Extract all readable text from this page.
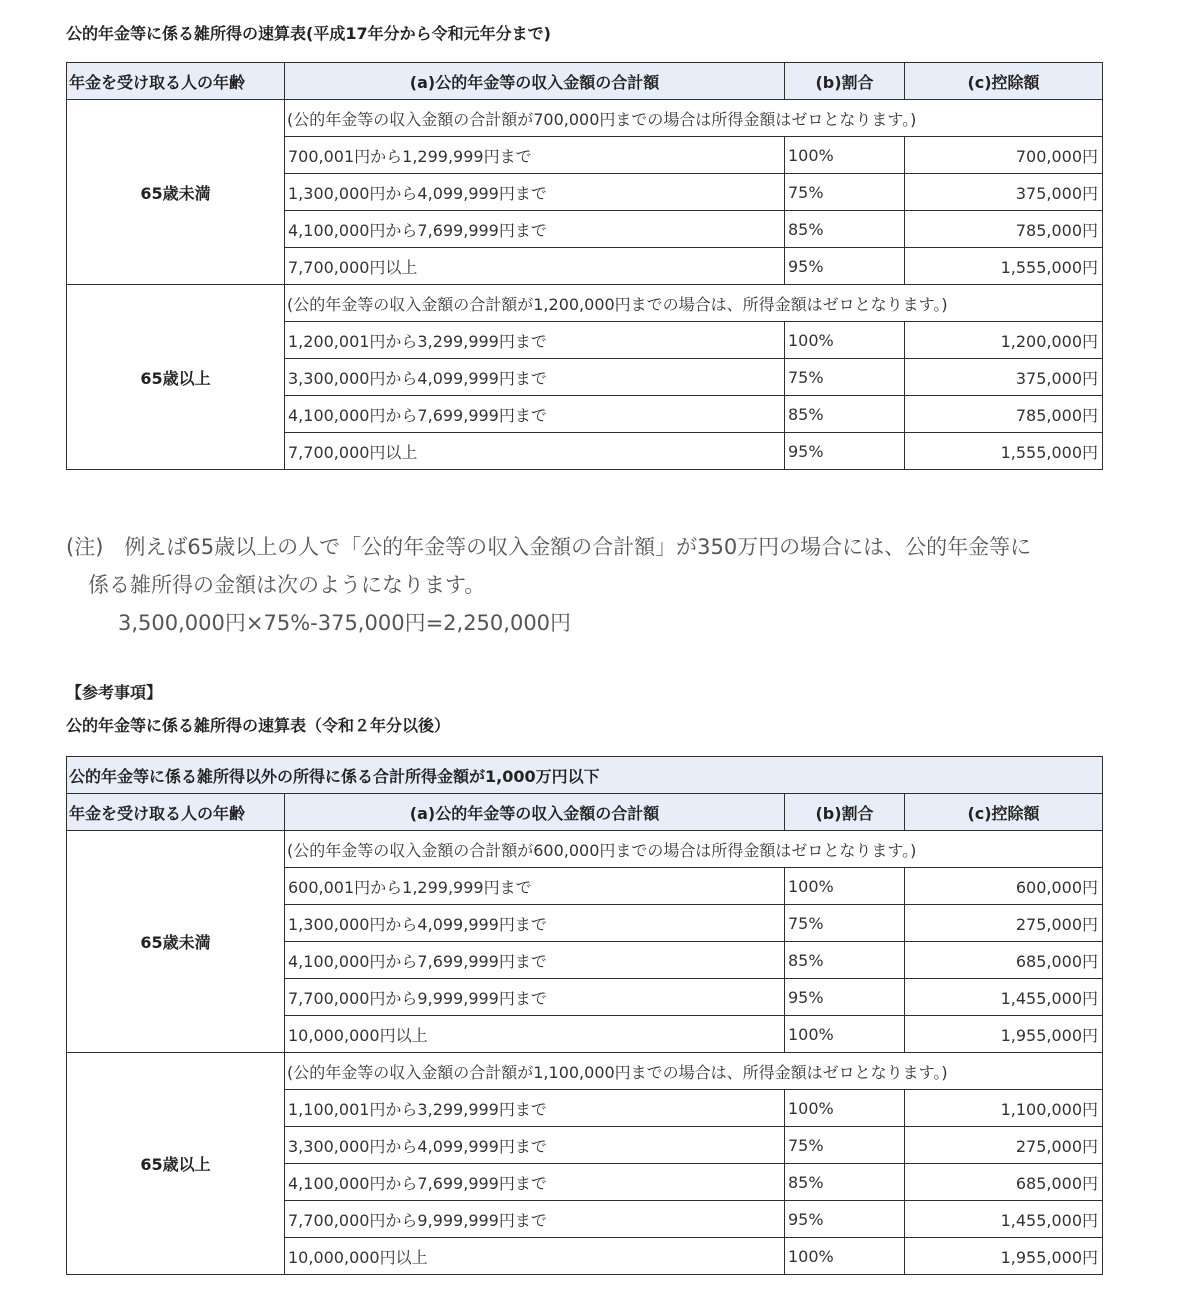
公的年金等に係る雑所得の速算表(平成17年分から令和元年分まで)
年金を受け取る人の年齢	(a)公的年金等の収入金額の合計額	(b)割合	(c)控除額
65歳未満	(公的年金等の収入金額の合計額が700,000円までの場合は所得金額はゼロとなります。)		
	700,001円から1,299,999円まで	100%	700,000円
	1,300,000円から4,099,999円まで	75%	375,000円
	4,100,000円から7,699,999円まで	85%	785,000円
	7,700,000円以上	95%	1,555,000円
65歳以上	(公的年金等の収入金額の合計額が1,200,000円までの場合は、所得金額はゼロとなります。)		
	1,200,001円から3,299,999円まで	100%	1,200,000円
	3,300,000円から4,099,999円まで	75%	375,000円
	4,100,000円から7,699,999円まで	85%	785,000円
	7,700,000円以上	95%	1,555,000円
(注)　例えば65歳以上の人で「公的年金等の収入金額の合計額」が350万円の場合には、公的年金等に
係る雑所得の金額は次のようになります。
3,500,000円×75%-375,000円=2,250,000円
【参考事項】
公的年金等に係る雑所得の速算表（令和２年分以後）
公的年金等に係る雑所得以外の所得に係る合計所得金額が1,000万円以下			
年金を受け取る人の年齢	(a)公的年金等の収入金額の合計額	(b)割合	(c)控除額
65歳未満	(公的年金等の収入金額の合計額が600,000円までの場合は所得金額はゼロとなります。)		
	600,001円から1,299,999円まで	100%	600,000円
	1,300,000円から4,099,999円まで	75%	275,000円
	4,100,000円から7,699,999円まで	85%	685,000円
	7,700,000円から9,999,999円まで	95%	1,455,000円
	10,000,000円以上	100%	1,955,000円
65歳以上	(公的年金等の収入金額の合計額が1,100,000円までの場合は、所得金額はゼロとなります。)		
	1,100,001円から3,299,999円まで	100%	1,100,000円
	3,300,000円から4,099,999円まで	75%	275,000円
	4,100,000円から7,699,999円まで	85%	685,000円
	7,700,000円から9,999,999円まで	95%	1,455,000円
	10,000,000円以上	100%	1,955,000円
